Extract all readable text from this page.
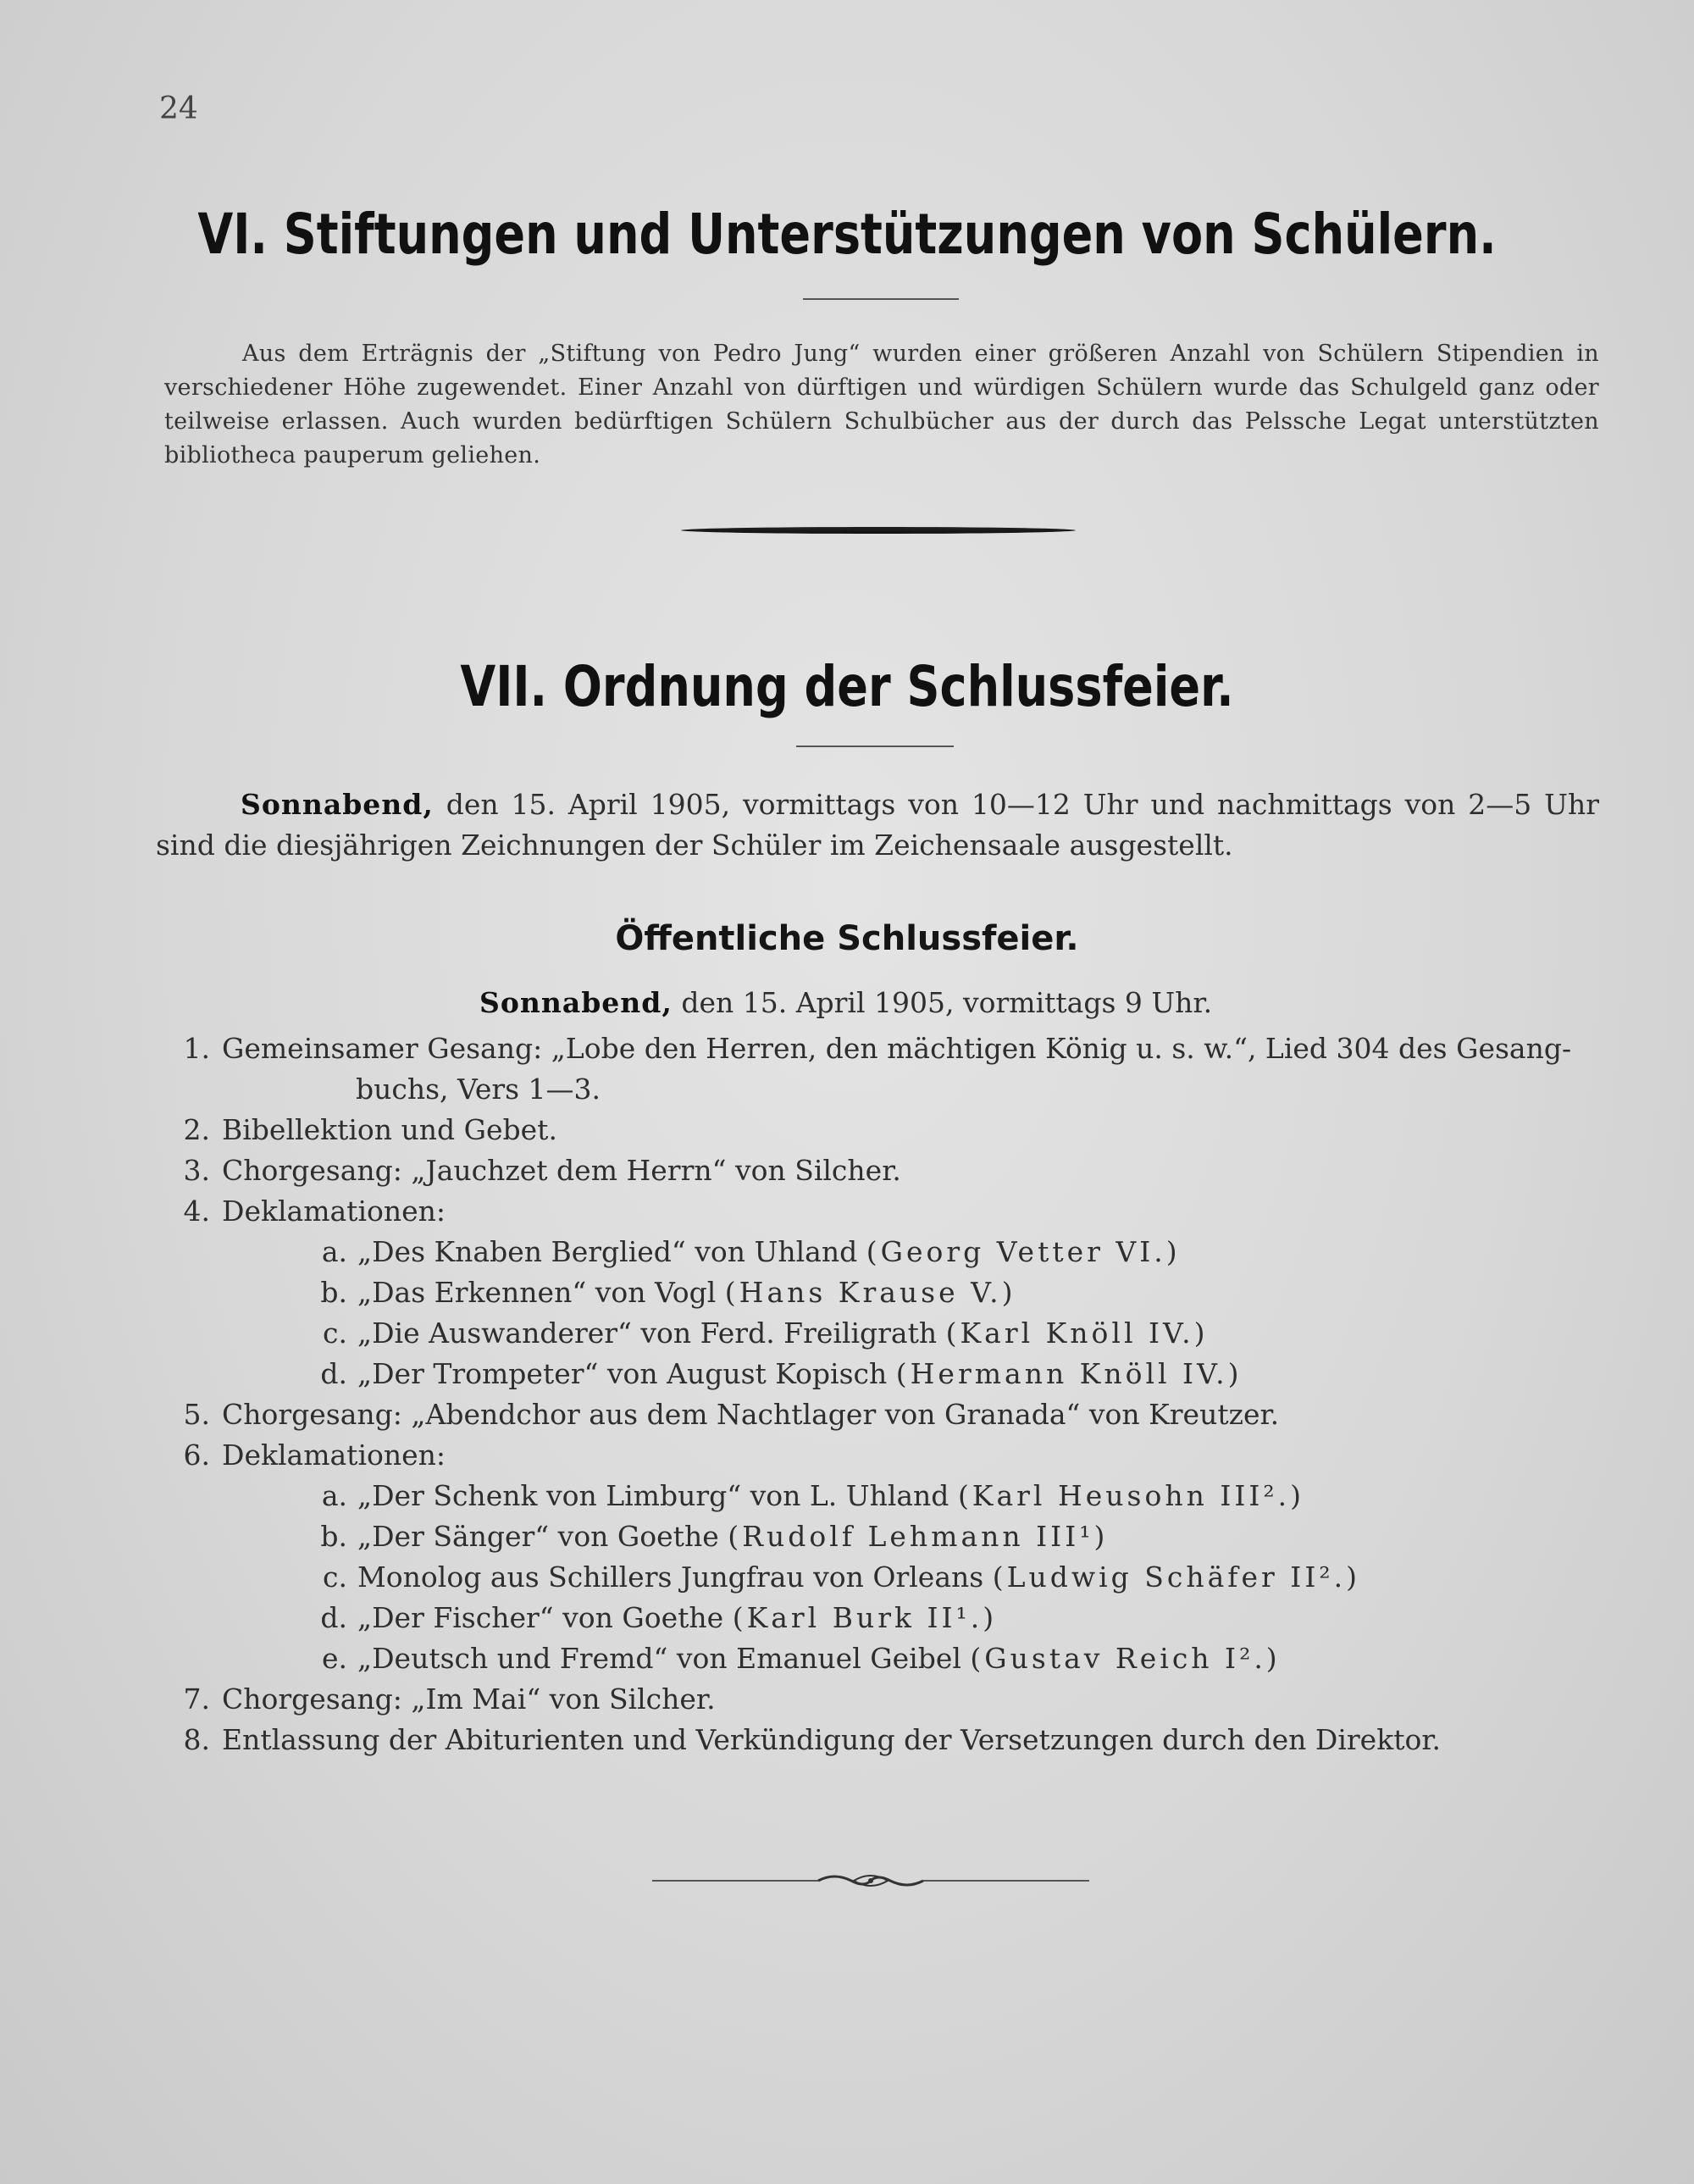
24
VI. Stiftungen und Unterstützungen von Schülern.

Aus dem Erträgnis der „Stiftung von Pedro Jung“ wurden einer größeren Anzahl von Schülern Stipendien in verschiedener Höhe zugewendet. Einer Anzahl von dürftigen und würdigen Schülern wurde das Schulgeld ganz oder teilweise erlassen. Auch wurden bedürftigen Schülern Schulbücher aus der durch das Pelssche Legat unterstützten bibliotheca pauperum geliehen.

VII. Ordnung der Schlussfeier.

Sonnabend, den 15. April 1905, vormittags von 10—12 Uhr und nachmittags von 2—5 Uhr sind die diesjährigen Zeichnungen der Schüler im Zeichensaale ausgestellt.

Öffentliche Schlussfeier.
Sonnabend, den 15. April 1905, vormittags 9 Uhr.
1. Gemeinsamer Gesang: „Lobe den Herren, den mächtigen König u. s. w.“, Lied 304 des Gesang-
buchs, Vers 1—3.
2. Bibellektion und Gebet.
3. Chorgesang: „Jauchzet dem Herrn“ von Silcher.
4. Deklamationen:
a. „Des Knaben Berglied“ von Uhland (Georg Vetter VI.)
b. „Das Erkennen“ von Vogl (Hans Krause V.)
c. „Die Auswanderer“ von Ferd. Freiligrath (Karl Knöll IV.)
d. „Der Trompeter“ von August Kopisch (Hermann Knöll IV.)
5. Chorgesang: „Abendchor aus dem Nachtlager von Granada“ von Kreutzer.
6. Deklamationen:
a. „Der Schenk von Limburg“ von L. Uhland (Karl Heusohn III².)
b. „Der Sänger“ von Goethe (Rudolf Lehmann III¹)
c. Monolog aus Schillers Jungfrau von Orleans (Ludwig Schäfer II².)
d. „Der Fischer“ von Goethe (Karl Burk II¹.)
e. „Deutsch und Fremd“ von Emanuel Geibel (Gustav Reich I².)
7. Chorgesang: „Im Mai“ von Silcher.
8. Entlassung der Abiturienten und Verkündigung der Versetzungen durch den Direktor.
